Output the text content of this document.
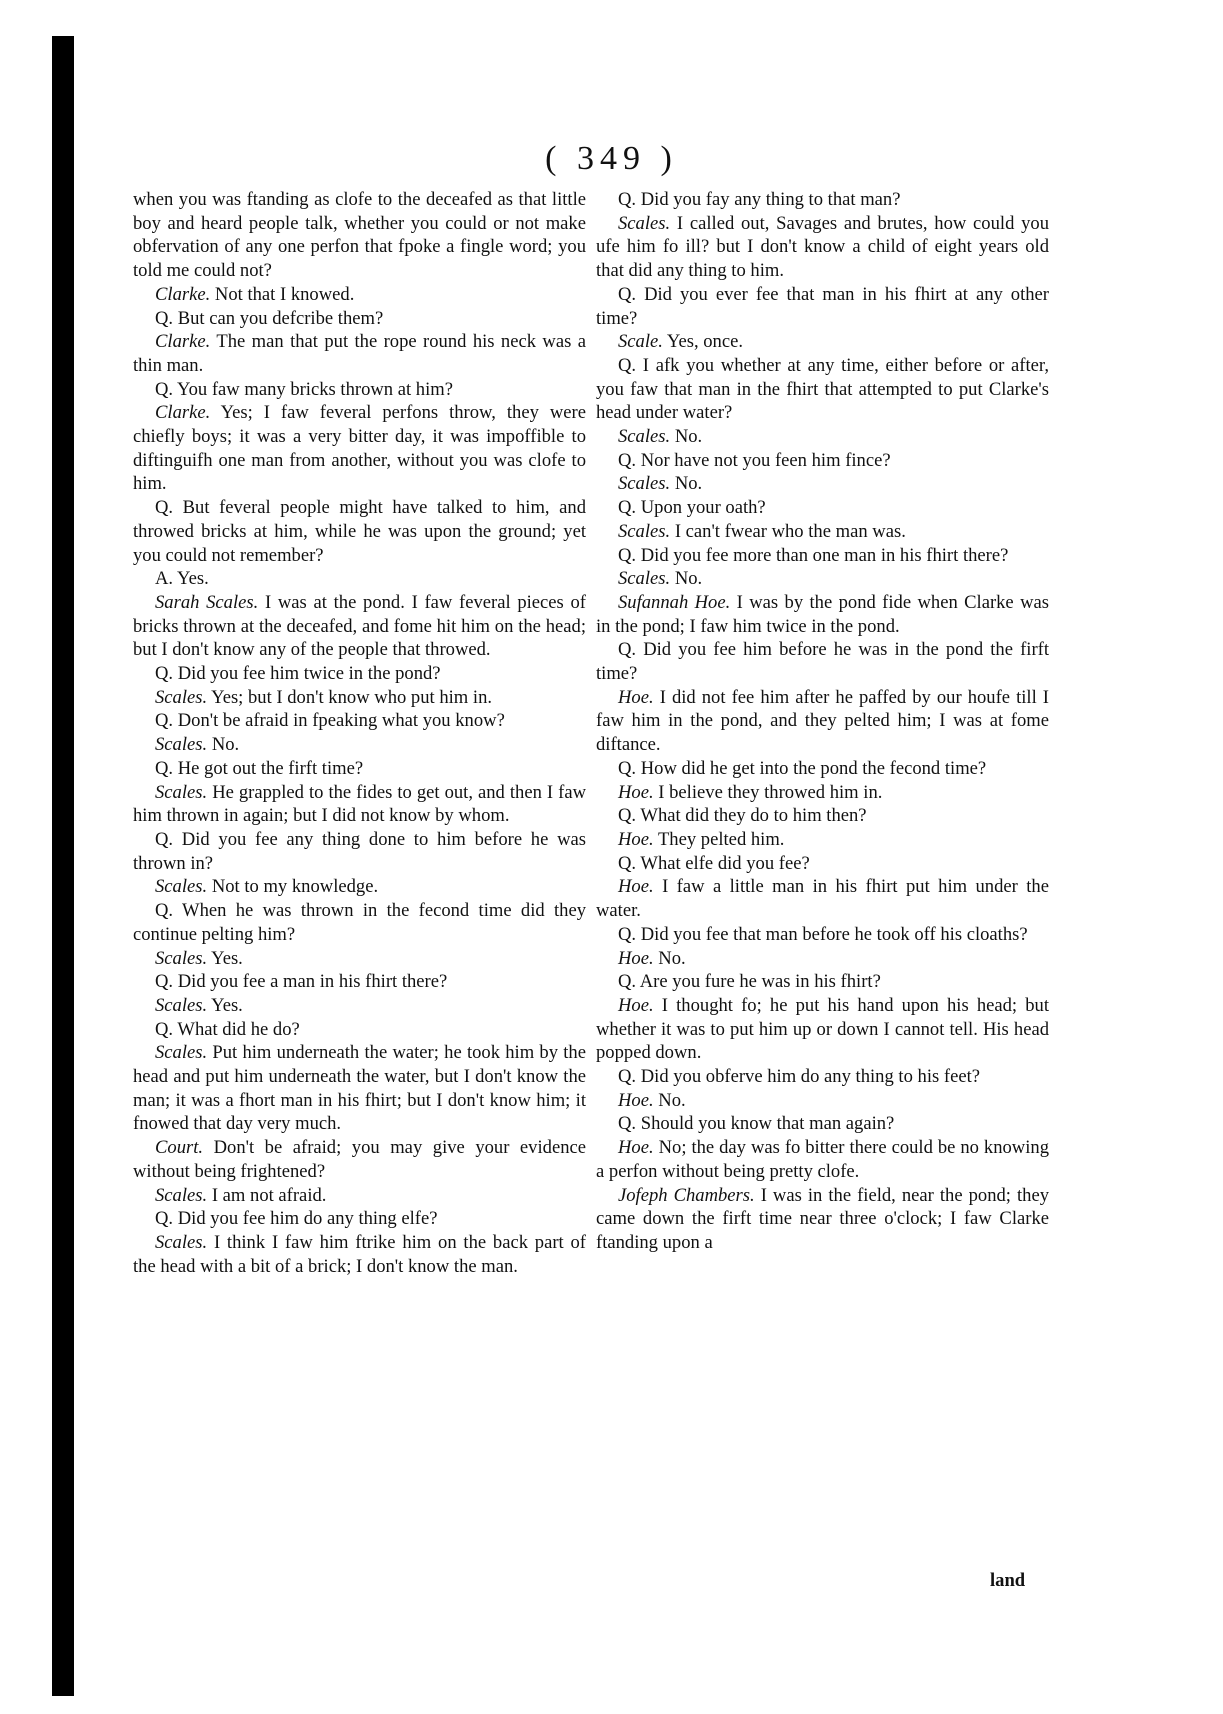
( 349 )

when you was ftanding as clofe to the deceafed as that little boy and heard people talk, whether you could or not make obfervation of any one perfon that fpoke a fingle word; you told me could not?

Clarke. Not that I knowed.

Q. But can you defcribe them?

Clarke. The man that put the rope round his neck was a thin man.

Q. You faw many bricks thrown at him?

Clarke. Yes; I faw feveral perfons throw, they were chiefly boys; it was a very bitter day, it was impoffible to diftinguifh one man from another, without you was clofe to him.

Q. But feveral people might have talked to him, and throwed bricks at him, while he was upon the ground; yet you could not remember?

A. Yes.

Sarah Scales. I was at the pond. I faw feveral pieces of bricks thrown at the deceafed, and fome hit him on the head; but I don't know any of the people that throwed.

Q. Did you fee him twice in the pond?

Scales. Yes; but I don't know who put him in.

Q. Don't be afraid in fpeaking what you know?

Scales. No.

Q. He got out the firft time?

Scales. He grappled to the fides to get out, and then I faw him thrown in again; but I did not know by whom.

Q. Did you fee any thing done to him before he was thrown in?

Scales. Not to my knowledge.

Q. When he was thrown in the fecond time did they continue pelting him?

Scales. Yes.

Q. Did you fee a man in his fhirt there?

Scales. Yes.

Q. What did he do?

Scales. Put him underneath the water; he took him by the head and put him underneath the water, but I don't know the man; it was a fhort man in his fhirt; but I don't know him; it fnowed that day very much.

Court. Don't be afraid; you may give your evidence without being frightened?

Scales. I am not afraid.

Q. Did you fee him do any thing elfe?

Scales. I think I faw him ftrike him on the back part of the head with a bit of a brick; I don't know the man.

Q. Did you fay any thing to that man?

Scales. I called out, Savages and brutes, how could you ufe him fo ill? but I don't know a child of eight years old that did any thing to him.

Q. Did you ever fee that man in his fhirt at any other time?

Scale. Yes, once.

Q. I afk you whether at any time, either before or after, you faw that man in the fhirt that attempted to put Clarke's head under water?

Scales. No.

Q. Nor have not you feen him fince?

Scales. No.

Q. Upon your oath?

Scales. I can't fwear who the man was.

Q. Did you fee more than one man in his fhirt there?

Scales. No.

Sufannah Hoe. I was by the pond fide when Clarke was in the pond; I faw him twice in the pond.

Q. Did you fee him before he was in the pond the firft time?

Hoe. I did not fee him after he paffed by our houfe till I faw him in the pond, and they pelted him; I was at fome diftance.

Q. How did he get into the pond the fecond time?

Hoe. I believe they throwed him in.

Q. What did they do to him then?

Hoe. They pelted him.

Q. What elfe did you fee?

Hoe. I faw a little man in his fhirt put him under the water.

Q. Did you fee that man before he took off his cloaths?

Hoe. No.

Q. Are you fure he was in his fhirt?

Hoe. I thought fo; he put his hand upon his head; but whether it was to put him up or down I cannot tell. His head popped down.

Q. Did you obferve him do any thing to his feet?

Hoe. No.

Q. Should you know that man again?

Hoe. No; the day was fo bitter there could be no knowing a perfon without being pretty clofe.

Jofeph Chambers. I was in the field, near the pond; they came down the firft time near three o'clock; I faw Clarke ftanding upon a

land
